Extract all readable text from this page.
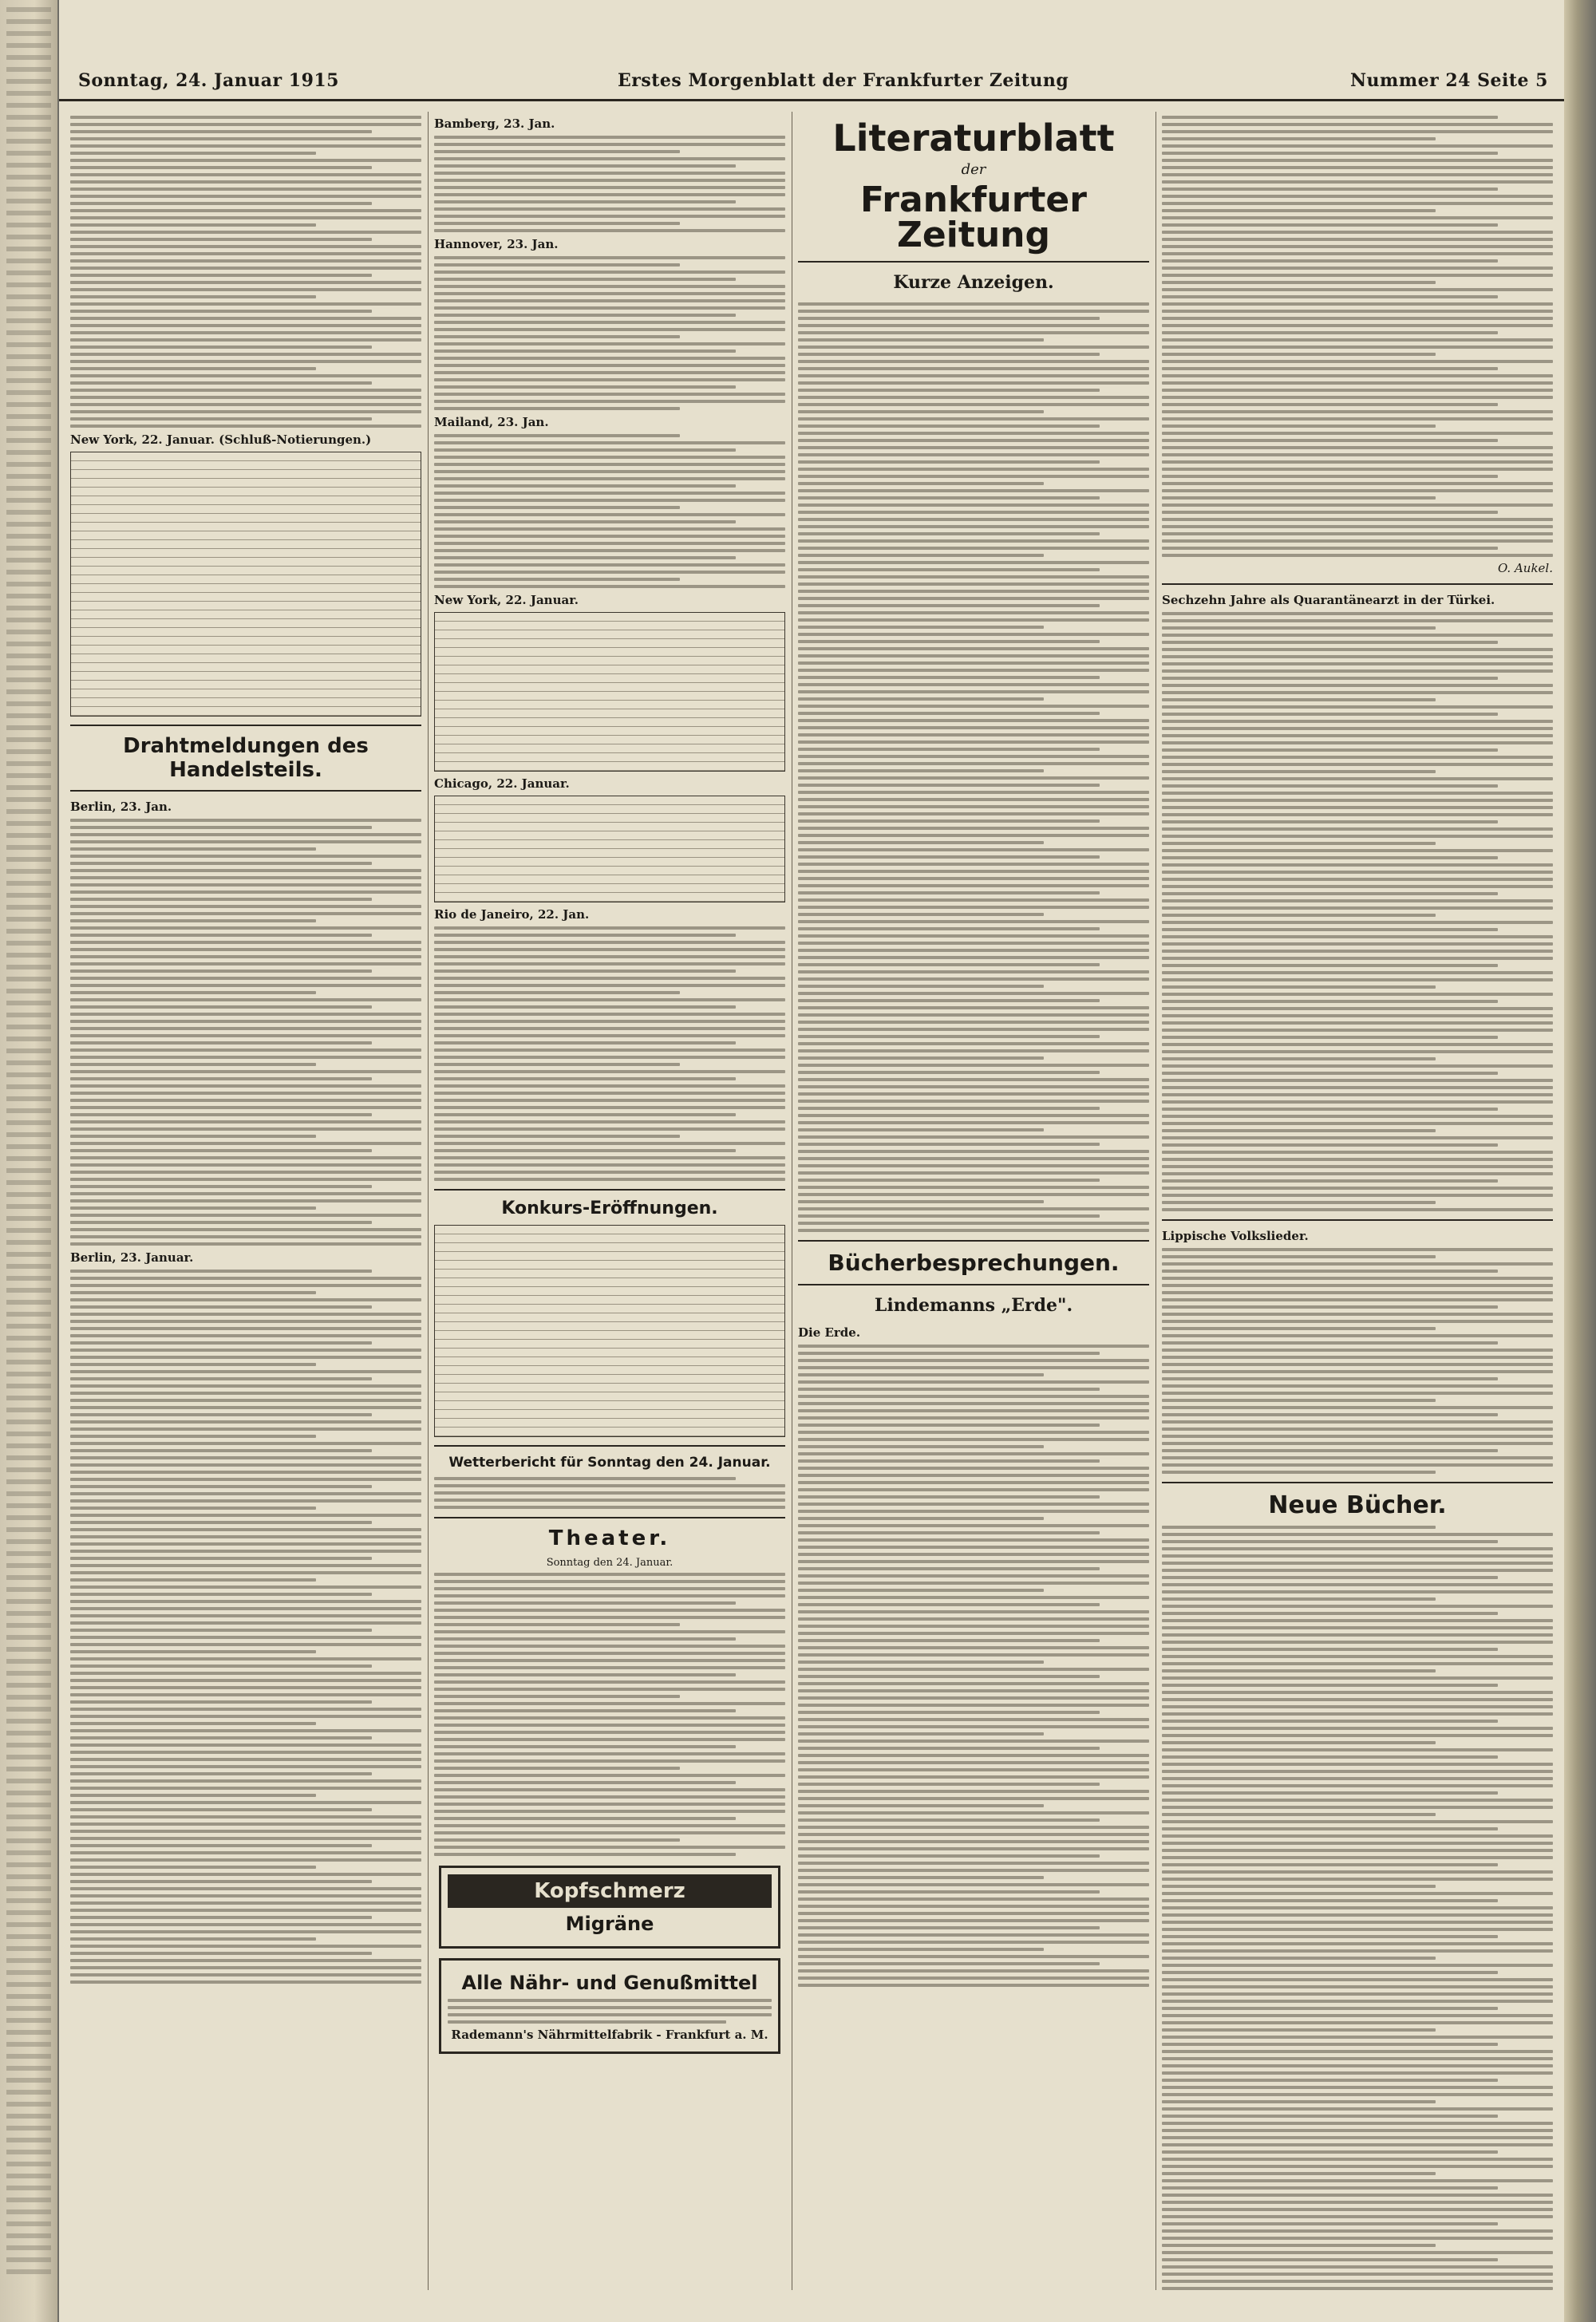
Sonntag, 24. Januar 1915	Erstes Morgenblatt der Frankfurter Zeitung	Nummer 24 Seite 5
New York, 22. Januar. (Schluß-Notierungen.)
Drahtmeldungen des Handelsteils.
Berlin, 23. Jan.
Berlin, 23. Januar.
Bamberg, 23. Jan.
Hannover, 23. Jan.
Mailand, 23. Jan.
New York, 22. Januar.
Chicago, 22. Januar.
Rio de Janeiro, 22. Jan.
Konkurs-Eröffnungen.
Wetterbericht für Sonntag den 24. Januar.
Theater.
Sonntag den 24. Januar.
Kopfschmerz
Migräne
Alle Nähr- und Genußmittel
Rademann's Nährmittelfabrik - Frankfurt a. M.
Literaturblatt
der
Frankfurter Zeitung
Kurze Anzeigen.
Bücherbesprechungen.
Lindemanns „Erde".
Die Erde.
O. Aukel.
Sechzehn Jahre als Quarantänearzt in der Türkei.
Lippische Volkslieder.
Neue Bücher.
